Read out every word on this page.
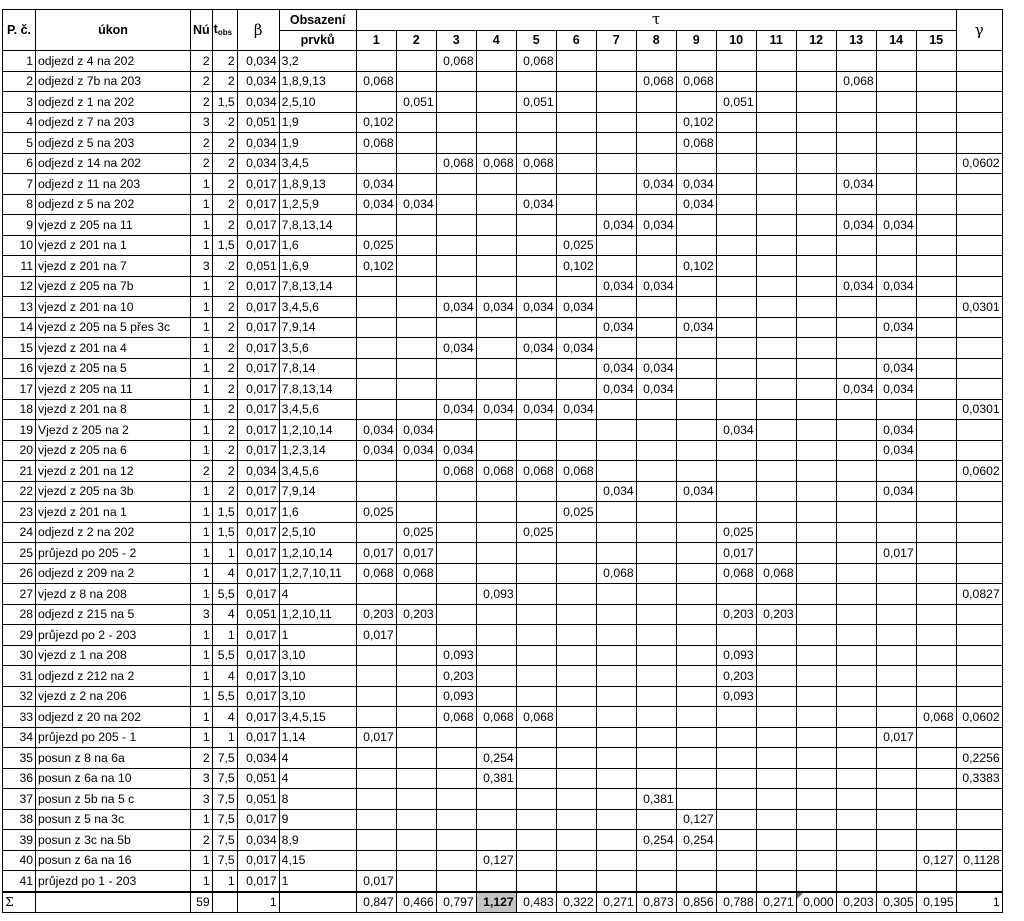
P. č.	úkon	Nú	$t_{obs}$	β	Obsazení	τ															γ
					prvků	1	2	3	4	5	6	7	8	9	10	11	12	13	14	15	
1	odjezd z 4 na 202	2	2	0,034	3,2			0,068		0,068											
2	odjezd z 7b na 203	2	2	0,034	1,8,9,13	0,068							0,068	0,068				0,068			
3	odjezd z 1 na 202	2	1,5	0,034	2,5,10		0,051			0,051					0,051						
4	odjezd z 7 na 203	3	2	0,051	1,9	0,102								0,102							
5	odjezd z 5 na 203	2	2	0,034	1,9	0,068								0,068							
6	odjezd z 14 na 202	2	2	0,034	3,4,5			0,068	0,068	0,068											0,0602
7	odjezd z 11 na 203	1	2	0,017	1,8,9,13	0,034							0,034	0,034				0,034			
8	odjezd z 5 na 202	1	2	0,017	1,2,5,9	0,034	0,034			0,034				0,034							
9	vjezd z 205 na 11	1	2	0,017	7,8,13,14							0,034	0,034					0,034	0,034		
10	vjezd z 201 na 1	1	1,5	0,017	1,6	0,025					0,025										
11	vjezd z 201 na 7	3	2	0,051	1,6,9	0,102					0,102			0,102							
12	vjezd z 205 na 7b	1	2	0,017	7,8,13,14							0,034	0,034					0,034	0,034		
13	vjezd z 201 na 10	1	2	0,017	3,4,5,6			0,034	0,034	0,034	0,034										0,0301
14	vjezd z 205 na 5 přes 3c	1	2	0,017	7,9,14							0,034		0,034					0,034		
15	vjezd z 201 na 4	1	2	0,017	3,5,6			0,034		0,034	0,034										
16	vjezd z 205 na 5	1	2	0,017	7,8,14							0,034	0,034						0,034		
17	vjezd z 205 na 11	1	2	0,017	7,8,13,14							0,034	0,034					0,034	0,034		
18	vjezd z 201 na 8	1	2	0,017	3,4,5,6			0,034	0,034	0,034	0,034										0,0301
19	Vjezd z 205 na 2	1	2	0,017	1,2,10,14	0,034	0,034								0,034				0,034		
20	vjezd z 205 na 6	1	2	0,017	1,2,3,14	0,034	0,034	0,034											0,034		
21	vjezd z 201 na 12	2	2	0,034	3,4,5,6			0,068	0,068	0,068	0,068										0,0602
22	vjezd z 205 na 3b	1	2	0,017	7,9,14							0,034		0,034					0,034		
23	vjezd z 201 na 1	1	1,5	0,017	1,6	0,025					0,025										
24	odjezd z 2 na 202	1	1,5	0,017	2,5,10		0,025			0,025					0,025						
25	průjezd po 205 - 2	1	1	0,017	1,2,10,14	0,017	0,017								0,017				0,017		
26	odjezd z 209 na 2	1	4	0,017	1,2,7,10,11	0,068	0,068					0,068			0,068	0,068					
27	vjezd z 8 na 208	1	5,5	0,017	4				0,093												0,0827
28	odjezd z 215 na 5	3	4	0,051	1,2,10,11	0,203	0,203								0,203	0,203					
29	průjezd po 2 - 203	1	1	0,017	1	0,017															
30	vjezd z 1 na 208	1	5,5	0,017	3,10			0,093							0,093						
31	odjezd z 212 na 2	1	4	0,017	3,10			0,203							0,203						
32	vjezd z 2 na 206	1	5,5	0,017	3,10			0,093							0,093						
33	odjezd z 20 na 202	1	4	0,017	3,4,5,15			0,068	0,068	0,068										0,068	0,0602
34	průjezd po 205 - 1	1	1	0,017	1,14	0,017													0,017		
35	posun z 8 na 6a	2	7,5	0,034	4				0,254												0,2256
36	posun z 6a na 10	3	7,5	0,051	4				0,381												0,3383
37	posun z 5b na 5 c	3	7,5	0,051	8								0,381								
38	posun z 5 na 3c	1	7,5	0,017	9									0,127							
39	posun z 3c na 5b	2	7,5	0,034	8,9								0,254	0,254							
40	posun z 6a na 16	1	7,5	0,017	4,15				0,127											0,127	0,1128
41	průjezd po 1 - 203	1	1	0,017	1	0,017															
Σ		59		1		0,847	0,466	0,797	1,127	0,483	0,322	0,271	0,873	0,856	0,788	0,271	0,000	0,203	0,305	0,195	1
